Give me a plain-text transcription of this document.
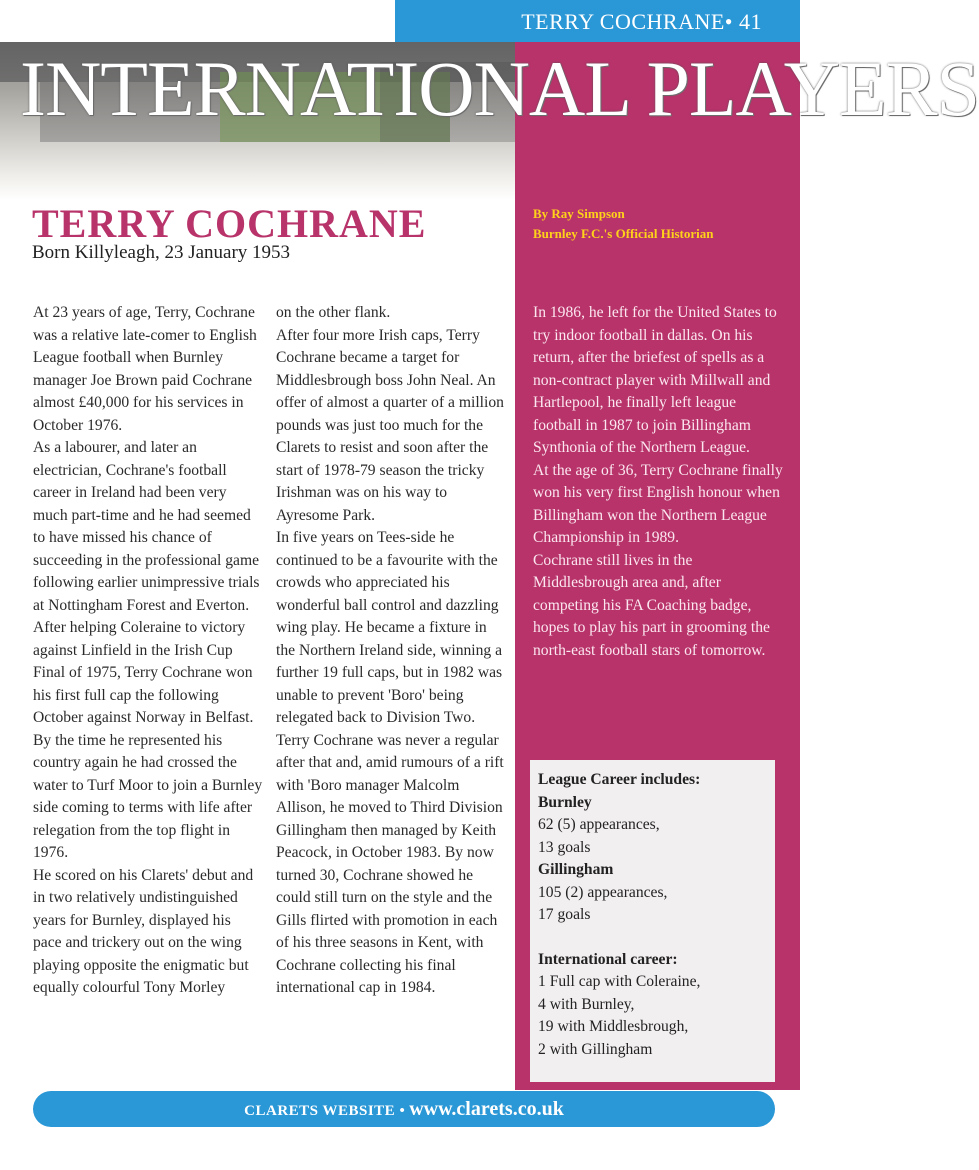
TERRY COCHRANE• 41
INTERNATIONAL PLAYERS
TERRY COCHRANE
Born Killyleagh, 23 January 1953
By Ray Simpson
Burnley F.C.'s Official Historian

At 23 years of age, Terry, Cochrane was a relative late-comer to English League football when Burnley manager Joe Brown paid Cochrane almost £40,000 for his services in October 1976.

As a labourer, and later an electrician, Cochrane's football career in Ireland had been very much part-time and he had seemed to have missed his chance of succeeding in the professional game following earlier unimpressive trials at Nottingham Forest and Everton.

After helping Coleraine to victory against Linfield in the Irish Cup Final of 1975, Terry Cochrane won his first full cap the following October against Norway in Belfast. By the time he represented his country again he had crossed the water to Turf Moor to join a Burnley side coming to terms with life after relegation from the top flight in 1976.

He scored on his Clarets' debut and in two relatively undistinguished years for Burnley, displayed his pace and trickery out on the wing playing opposite the enigmatic but equally colourful Tony Morley

on the other flank.

After four more Irish caps, Terry Cochrane became a target for Middlesbrough boss John Neal. An offer of almost a quarter of a million pounds was just too much for the Clarets to resist and soon after the start of 1978-79 season the tricky Irishman was on his way to Ayresome Park.

In five years on Tees-side he continued to be a favourite with the crowds who appreciated his wonderful ball control and dazzling wing play. He became a fixture in the Northern Ireland side, winning a further 19 full caps, but in 1982 was unable to prevent 'Boro' being relegated back to Division Two.

Terry Cochrane was never a regular after that and, amid rumours of a rift with 'Boro manager Malcolm Allison, he moved to Third Division Gillingham then managed by Keith Peacock, in October 1983. By now turned 30, Cochrane showed he could still turn on the style and the Gills flirted with promotion in each of his three seasons in Kent, with Cochrane collecting his final international cap in 1984.

In 1986, he left for the United States to try indoor football in dallas. On his return, after the briefest of spells as a non-contract player with Millwall and Hartlepool, he finally left league football in 1987 to join Billingham Synthonia of the Northern League.

At the age of 36, Terry Cochrane finally won his very first English honour when Billingham won the Northern League Championship in 1989.

Cochrane still lives in the Middlesbrough area and, after competing his FA Coaching badge, hopes to play his part in grooming the north-east football stars of tomorrow.

League Career includes:
Burnley
62 (5) appearances,
13 goals
Gillingham
105 (2) appearances,
17 goals
International career:
1 Full cap with Coleraine,
4 with Burnley,
19 with Middlesbrough,
2 with Gillingham
CLARETS WEBSITE • www.clarets.co.uk
